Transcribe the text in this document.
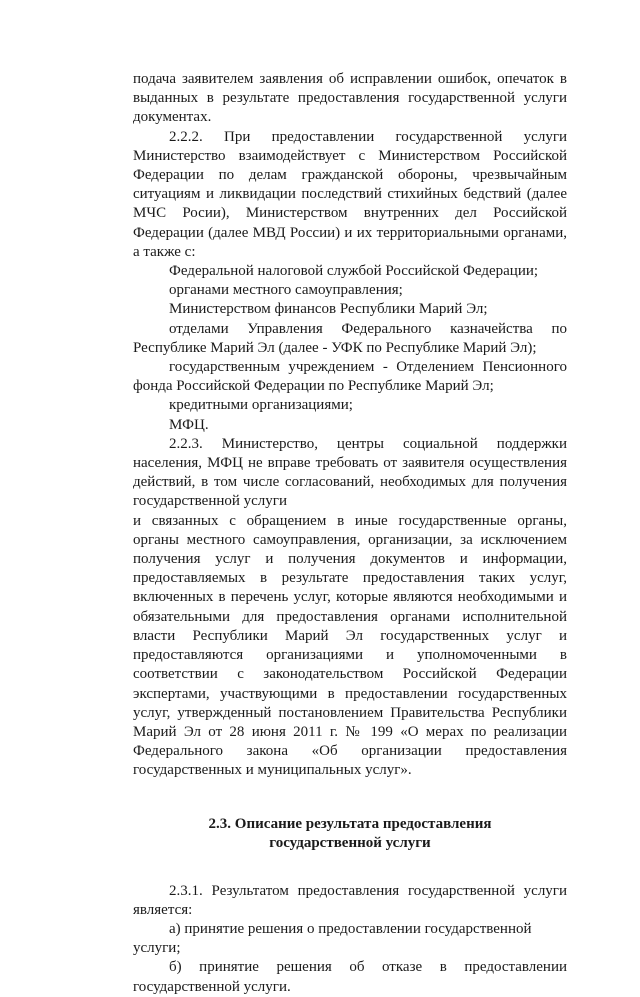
подача заявителем заявления об исправлении ошибок, опечаток в выданных в результате предоставления государственной услуги документах.

2.2.2. При предоставлении государственной услуги Министерство взаимодействует с Министерством Российской Федерации по делам гражданской обороны, чрезвычайным ситуациям и ликвидации последствий стихийных бедствий (далее МЧС Росии), Министерством внутренних дел Российской Федерации (далее МВД России) и их территориальными органами, а также с:

Федеральной налоговой службой Российской Федерации;

органами местного самоуправления;

Министерством финансов Республики Марий Эл;

отделами Управления Федерального казначейства по Республике Марий Эл (далее - УФК по Республике Марий Эл);

государственным учреждением - Отделением Пенсионного фонда Российской Федерации по Республике Марий Эл;

кредитными организациями;

МФЦ.

2.2.3. Министерство, центры социальной поддержки населения, МФЦ не вправе требовать от заявителя осуществления действий, в том числе согласований, необходимых для получения государственной услуги

и связанных с обращением в иные государственные органы, органы местного самоуправления, организации, за исключением получения услуг и получения документов и информации, предоставляемых в результате предоставления таких услуг, включенных в перечень услуг, которые являются необходимыми и обязательными для предоставления органами исполнительной власти Республики Марий Эл государственных услуг и предоставляются организациями и уполномоченными в соответствии с законодательством Российской Федерации экспертами, участвующими в предоставлении государственных услуг, утвержденный постановлением Правительства Республики Марий Эл от 28 июня 2011 г. № 199 «О мерах по реализации Федерального закона «Об организации предоставления государственных и муниципальных услуг».

2.3. Описание результата предоставления
государственной услуги

2.3.1. Результатом предоставления государственной услуги является:

а) принятие решения о предоставлении государственной услуги;

б) принятие решения об отказе в предоставлении государственной услуги.
